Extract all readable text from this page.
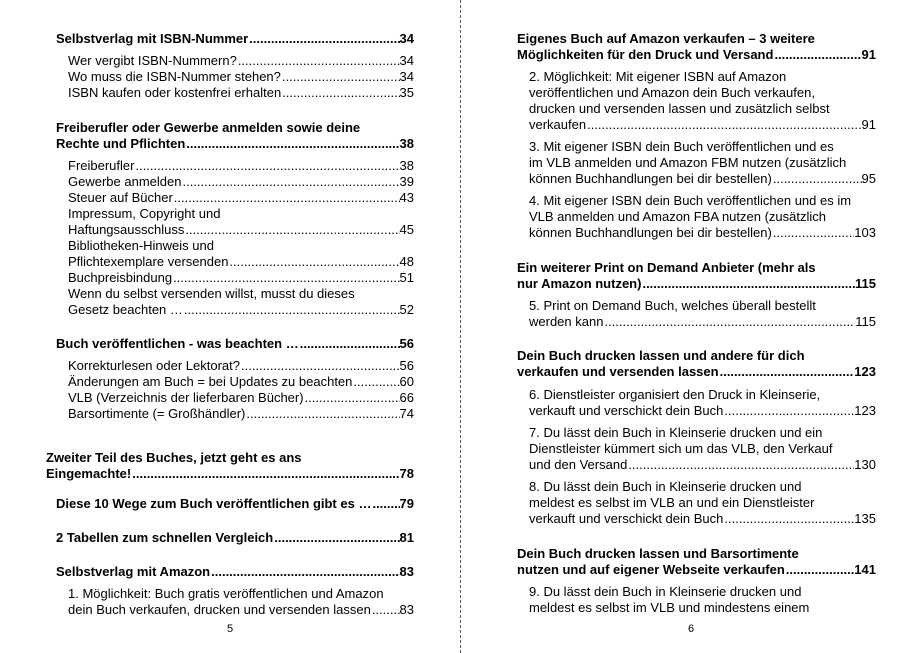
Selbstverlag mit ISBN-Nummer .....	34
Wer vergibt ISBN-Nummern? .....	34
Wo muss die ISBN-Nummer stehen? .....	34
ISBN kaufen oder kostenfrei erhalten .....	35
Freiberufler oder Gewerbe anmelden sowie deine
Rechte und Pflichten .....	38
Freiberufler .....	38
Gewerbe anmelden .....	39
Steuer auf Bücher .....	43
Impressum, Copyright und
Haftungsausschluss .....	45
Bibliotheken-Hinweis und
Pflichtexemplare versenden .....	48
Buchpreisbindung .....	51
Wenn du selbst versenden willst, musst du dieses
Gesetz beachten … .....	52
Buch veröffentlichen - was beachten … .....	56
Korrekturlesen oder Lektorat? .....	56
Änderungen am Buch = bei Updates zu beachten .....	60
VLB (Verzeichnis der lieferbaren Bücher) .....	66
Barsortimente (= Großhändler) .....	74
Zweiter Teil des Buches, jetzt geht es ans
Eingemachte! .....	78
Diese 10 Wege zum Buch veröffentlichen gibt es … ..... 79
2 Tabellen zum schnellen Vergleich .....	81
Selbstverlag mit Amazon .....	83
1. Möglichkeit: Buch gratis veröffentlichen und Amazon
dein Buch verkaufen, drucken und versenden lassen ..... 83
5
Eigenes Buch auf Amazon verkaufen – 3 weitere
Möglichkeiten für den Druck und Versand .....	91
2. Möglichkeit: Mit eigener ISBN auf Amazon
veröffentlichen und Amazon dein Buch verkaufen,
drucken und versenden lassen und zusätzlich selbst
verkaufen .....	91
3. Mit eigener ISBN dein Buch veröffentlichen und es
im VLB anmelden und Amazon FBM nutzen (zusätzlich
können Buchhandlungen bei dir bestellen) .....	95
4. Mit eigener ISBN dein Buch veröffentlichen und es im
VLB anmelden und Amazon FBA nutzen (zusätzlich
können Buchhandlungen bei dir bestellen) .....	103
Ein weiterer Print on Demand Anbieter (mehr als
nur Amazon nutzen) .....	115
5. Print on Demand Buch, welches überall bestellt
werden kann .....	115
Dein Buch drucken lassen und andere für dich
verkaufen und versenden lassen .....	123
6. Dienstleister organisiert den Druck in Kleinserie,
verkauft und verschickt dein Buch .....	123
7. Du lässt dein Buch in Kleinserie drucken und ein
Dienstleister kümmert sich um das VLB, den Verkauf
und den Versand .....	130
8. Du lässt dein Buch in Kleinserie drucken und
meldest es selbst im VLB an und ein Dienstleister
verkauft und verschickt dein Buch .....	135
Dein Buch drucken lassen und Barsortimente
nutzen und auf eigener Webseite verkaufen .....	141
9. Du lässt dein Buch in Kleinserie drucken und
meldest es selbst im VLB und mindestens einem
6
